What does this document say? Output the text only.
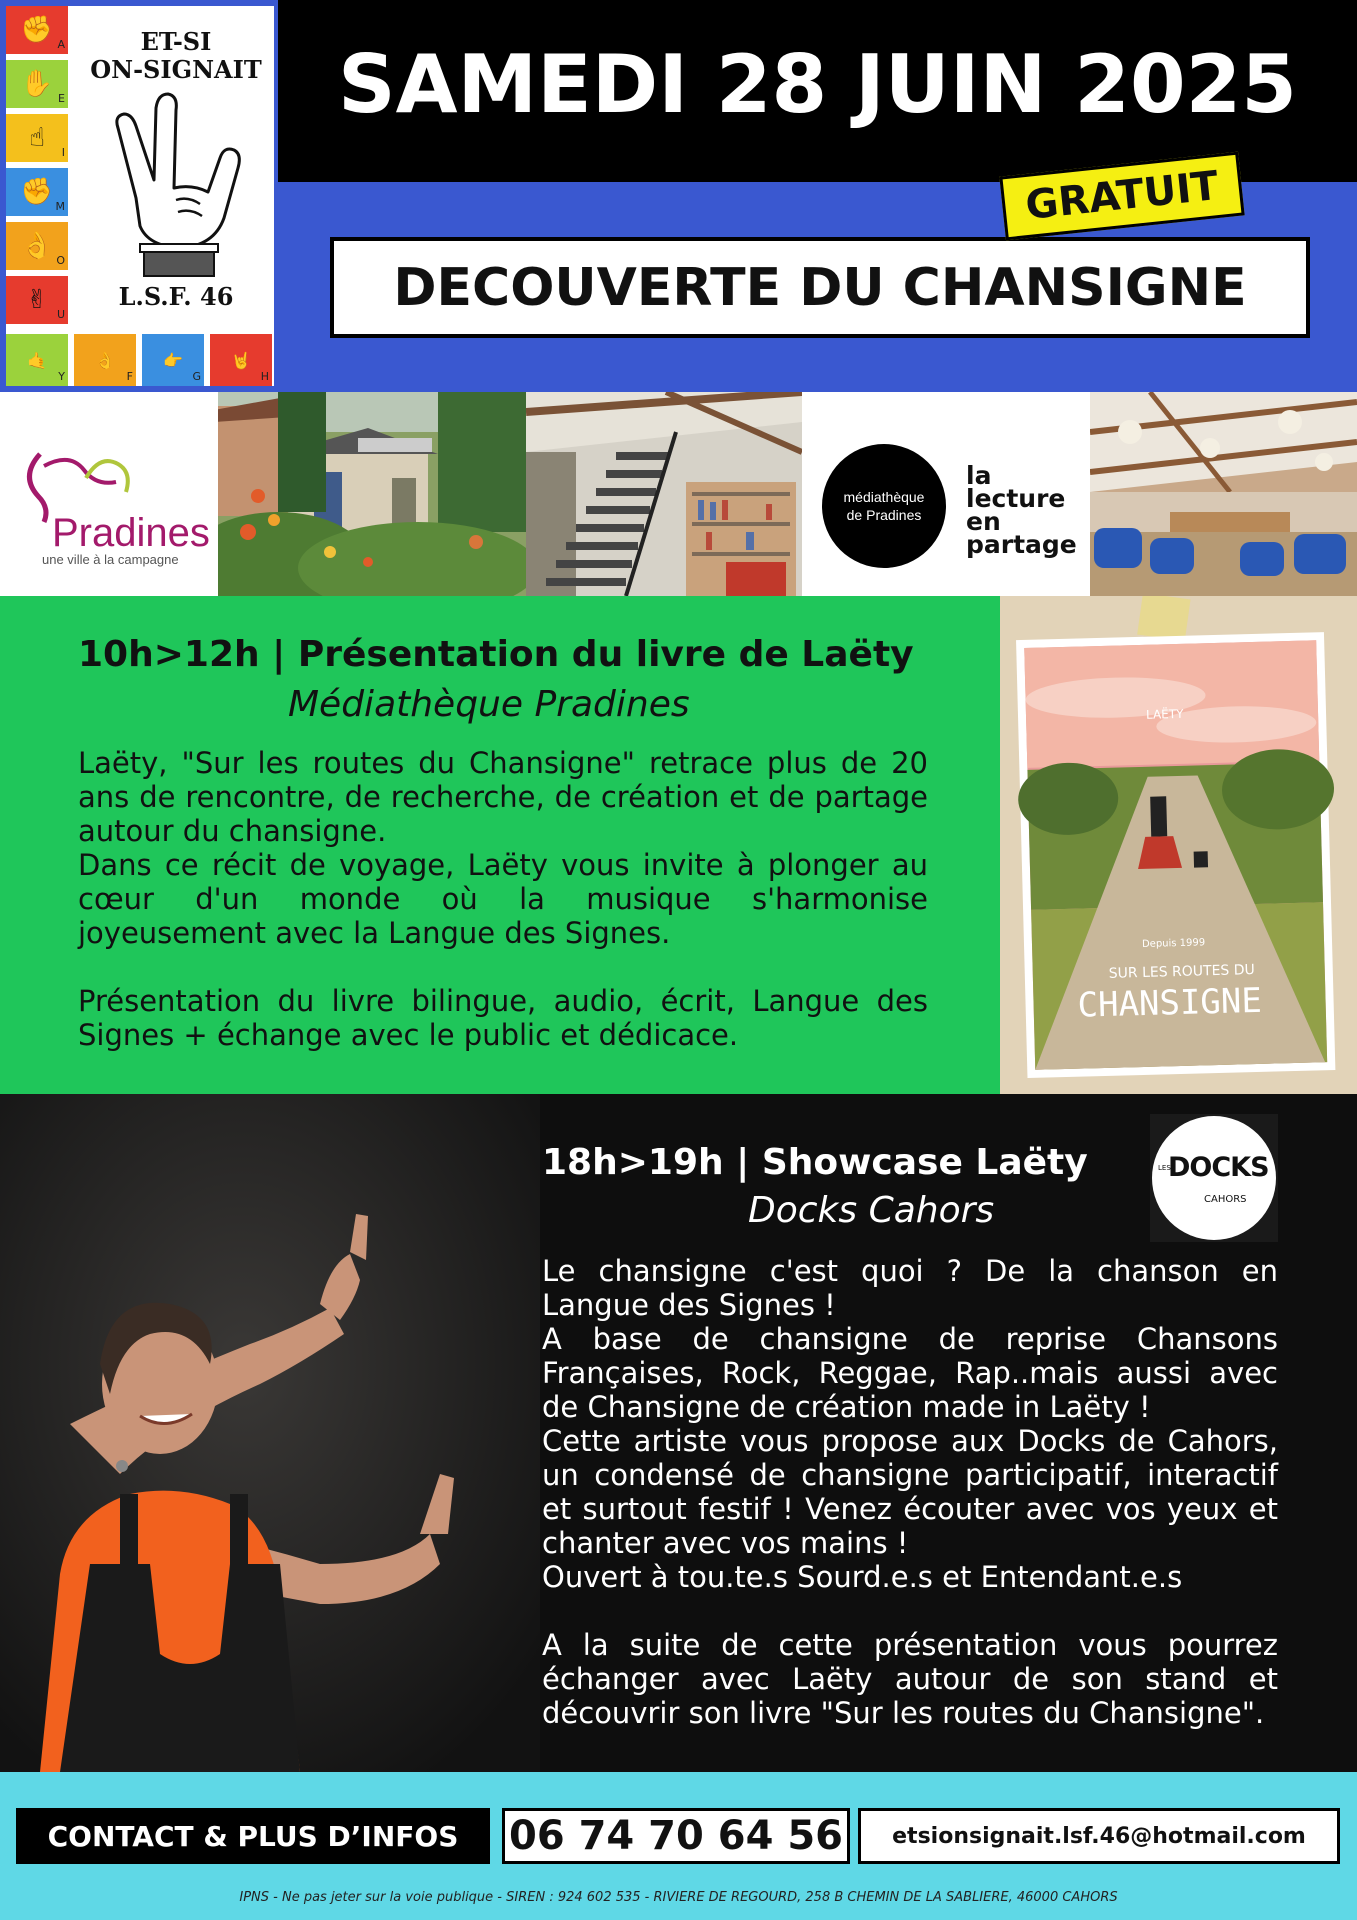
✊ A
✋ E
☝ I
✊ M
👌 O
✌ U
🤙
Y
👌
F
👉
G
🤘
H
ET-SI
ON-SIGNAIT
L.S.F. 46
SAMEDI 28 JUIN 2025
DECOUVERTE DU CHANSIGNE
GRATUIT
Pradines
une ville à la campagne
médiathèque
de Pradines
la
lecture
en
partage
10h>12h | Présentation du livre de Laëty
Médiathèque Pradines

Laëty, "Sur les routes du Chansigne" retrace plus de 20 ans de rencontre, de recherche, de création et de partage autour du chansigne.

Dans ce récit de voyage, Laëty vous invite à plonger au cœur d'un monde où la musique s'harmonise joyeusement avec la Langue des Signes.

Présentation du livre bilingue, audio, écrit, Langue des Signes + échange avec le public et dédicace.

LAËTY
Depuis 1999
SUR LES ROUTES DU
CHANSIGNE
18h>19h | Showcase Laëty
Docks Cahors
LES
DOCKS
CAHORS

Le chansigne c'est quoi ? De la chanson en Langue des Signes !

A base de chansigne de reprise Chansons Françaises, Rock, Reggae, Rap..mais aussi avec de Chansigne de création made in Laëty !

Cette artiste vous propose aux Docks de Cahors, un condensé de chansigne participatif, interactif et surtout festif ! Venez écouter avec vos yeux et chanter avec vos mains !

Ouvert à tou.te.s Sourd.e.s et Entendant.e.s

A la suite de cette présentation vous pourrez échanger avec Laëty autour de son stand et découvrir son livre "Sur les routes du Chansigne".

CONTACT & PLUS D’INFOS	06 74 70 64 56	etsionsignait.lsf.46@hotmail.com
IPNS - Ne pas jeter sur la voie publique - SIREN : 924 602 535 - RIVIERE DE REGOURD, 258 B CHEMIN DE LA SABLIERE, 46000 CAHORS
